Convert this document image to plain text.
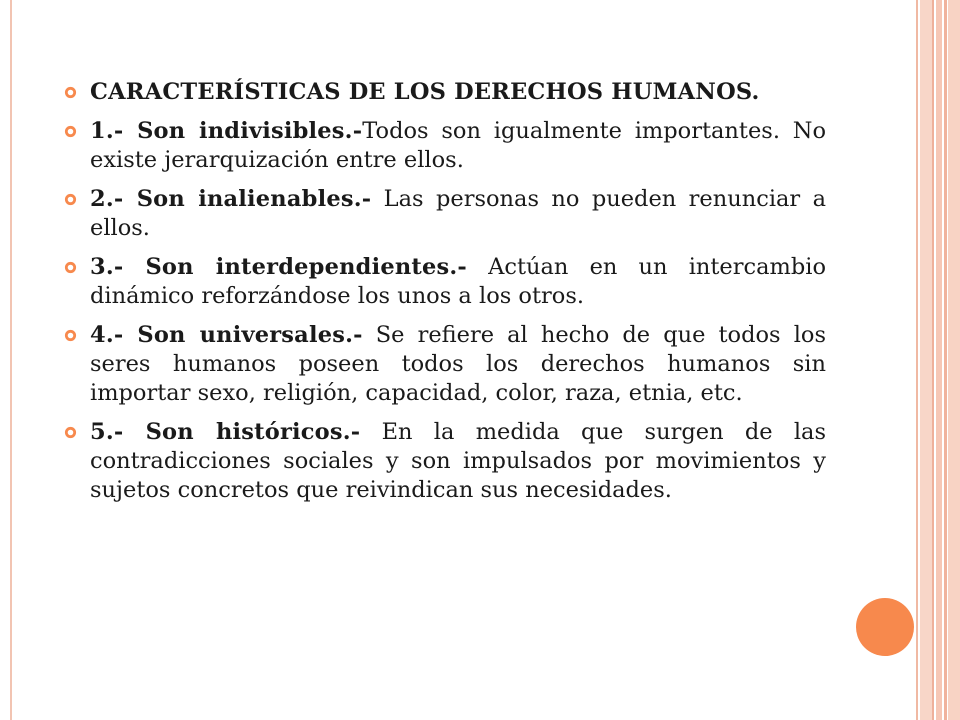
CARACTERÍSTICAS DE LOS DERECHOS HUMANOS.
1.- Son indivisibles.-Todos son igualmente importantes. No existe jerarquización entre ellos.
2.- Son inalienables.- Las personas no pueden renunciar a ellos.
3.- Son interdependientes.- Actúan en un intercambio dinámico reforzándose los unos a los otros.
4.- Son universales.- Se refiere al hecho de que todos los seres humanos poseen todos los derechos humanos sin importar sexo, religión, capacidad, color, raza, etnia, etc.
5.- Son históricos.- En la medida que surgen de las contradicciones sociales y son impulsados por movimientos y sujetos concretos que reivindican sus necesidades.
